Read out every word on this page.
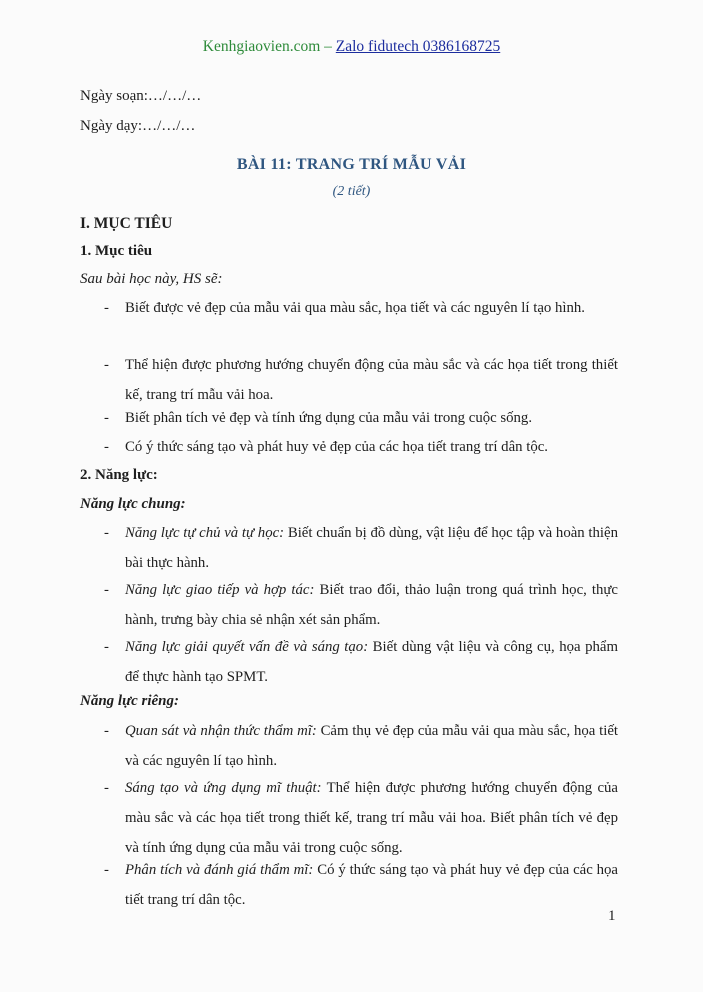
Kenhgiaovien.com – Zalo fidutech 0386168725
Ngày soạn:…/…/…
Ngày dạy:…/…/…
BÀI 11: TRANG TRÍ MẪU VẢI
(2 tiết)
I. MỤC TIÊU
1. Mục tiêu
Sau bài học này, HS sẽ:
- Biết được vẻ đẹp của mẫu vải qua màu sắc, họa tiết và các nguyên lí tạo hình.
- Thể hiện được phương hướng chuyển động của màu sắc và các họa tiết trong thiết kế, trang trí mẫu vải hoa.
- Biết phân tích vẻ đẹp và tính ứng dụng của mẫu vải trong cuộc sống.
- Có ý thức sáng tạo và phát huy vẻ đẹp của các họa tiết trang trí dân tộc.
2. Năng lực:
Năng lực chung:
- Năng lực tự chủ và tự học: Biết chuẩn bị đồ dùng, vật liệu để học tập và hoàn thiện bài thực hành.
- Năng lực giao tiếp và hợp tác: Biết trao đổi, thảo luận trong quá trình học, thực hành, trưng bày chia sẻ nhận xét sản phẩm.
- Năng lực giải quyết vấn đề và sáng tạo: Biết dùng vật liệu và công cụ, họa phẩm để thực hành tạo SPMT.
Năng lực riêng:
- Quan sát và nhận thức thẩm mĩ: Cảm thụ vẻ đẹp của mẫu vải qua màu sắc, họa tiết và các nguyên lí tạo hình.
- Sáng tạo và ứng dụng mĩ thuật: Thể hiện được phương hướng chuyển động của màu sắc và các họa tiết trong thiết kế, trang trí mẫu vải hoa. Biết phân tích vẻ đẹp và tính ứng dụng của mẫu vải trong cuộc sống.
- Phân tích và đánh giá thẩm mĩ: Có ý thức sáng tạo và phát huy vẻ đẹp của các họa tiết trang trí dân tộc.
1
